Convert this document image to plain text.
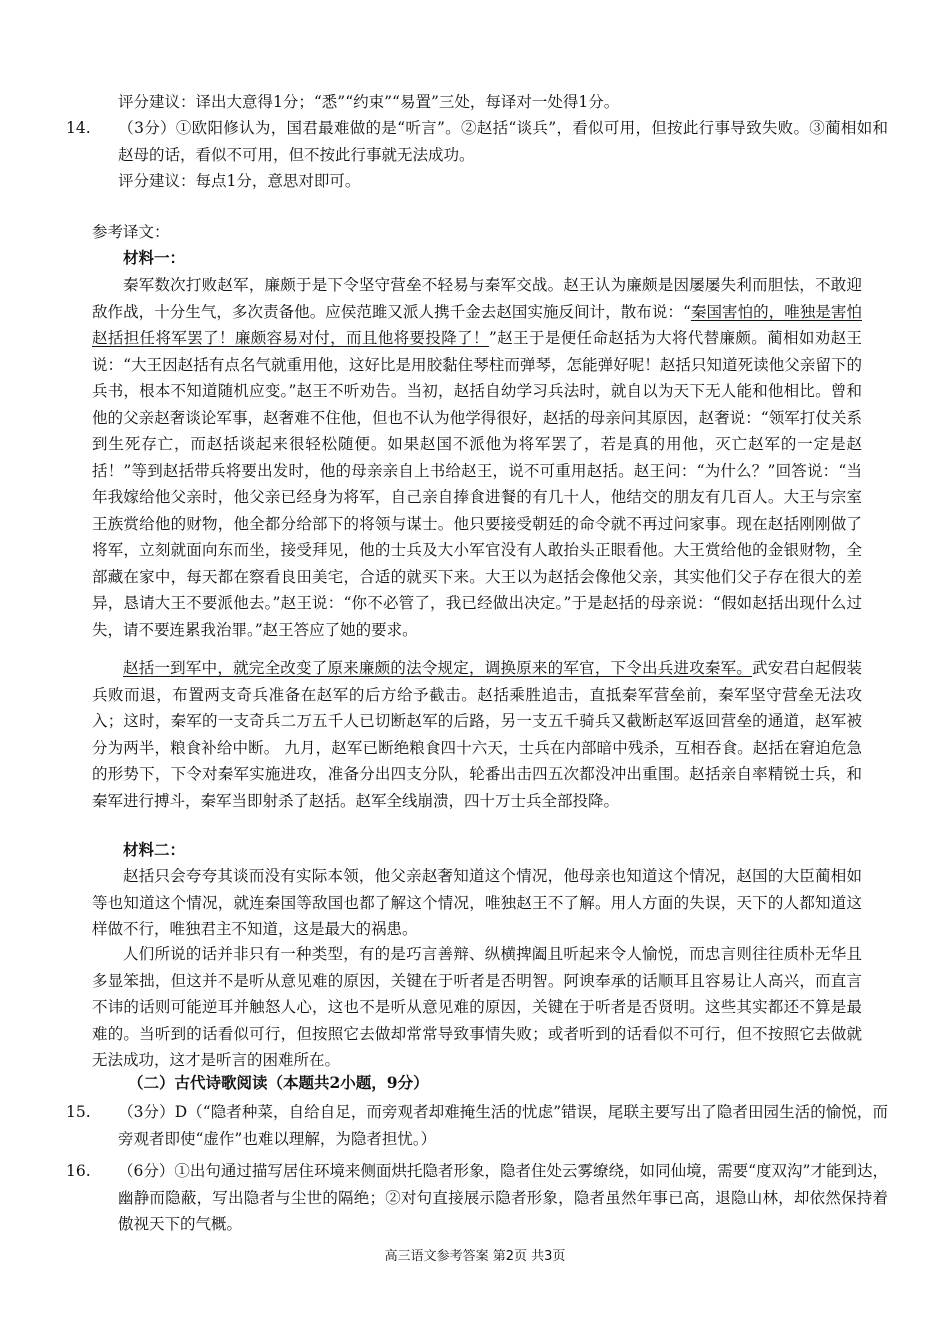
评分建议：译出大意得1分；“悉”“约束”“易置”三处，每译对一处得1分。

14. （3分）①欧阳修认为，国君最难做的是“听言”。②赵括“谈兵”，看似可用，但按此行事导致失败。③蔺相如和赵母的话，看似不可用，但不按此行事就无法成功。

评分建议：每点1分，意思对即可。

参考译文：

材料一：

秦军数次打败赵军，廉颇于是下令坚守营垒不轻易与秦军交战。赵王认为廉颇是因屡屡失利而胆怯，不敢迎敌作战，十分生气，多次责备他。应侯范雎又派人携千金去赵国实施反间计，散布说：“秦国害怕的，唯独是害怕赵括担任将军罢了！廉颇容易对付，而且他将要投降了！”赵王于是便任命赵括为大将代替廉颇。蔺相如劝赵王说：“大王因赵括有点名气就重用他，这好比是用胶黏住琴柱而弹琴，怎能弹好呢！赵括只知道死读他父亲留下的兵书，根本不知道随机应变。”赵王不听劝告。当初，赵括自幼学习兵法时，就自以为天下无人能和他相比。曾和他的父亲赵奢谈论军事，赵奢难不住他，但也不认为他学得很好，赵括的母亲问其原因，赵奢说：“领军打仗关系到生死存亡，而赵括谈起来很轻松随便。如果赵国不派他为将军罢了，若是真的用他，灭亡赵军的一定是赵括！”等到赵括带兵将要出发时，他的母亲亲自上书给赵王，说不可重用赵括。赵王问：“为什么？”回答说：“当年我嫁给他父亲时，他父亲已经身为将军，自己亲自捧食进餐的有几十人，他结交的朋友有几百人。大王与宗室王族赏给他的财物，他全都分给部下的将领与谋士。他只要接受朝廷的命令就不再过问家事。现在赵括刚刚做了将军，立刻就面向东而坐，接受拜见，他的士兵及大小军官没有人敢抬头正眼看他。大王赏给他的金银财物，全部藏在家中，每天都在察看良田美宅，合适的就买下来。大王以为赵括会像他父亲，其实他们父子存在很大的差异，恳请大王不要派他去。”赵王说：“你不必管了，我已经做出决定。”于是赵括的母亲说：“假如赵括出现什么过失，请不要连累我治罪。”赵王答应了她的要求。

赵括一到军中，就完全改变了原来廉颇的法令规定，调换原来的军官，下令出兵进攻秦军。武安君白起假装兵败而退，布置两支奇兵准备在赵军的后方给予截击。赵括乘胜追击，直抵秦军营垒前，秦军坚守营垒无法攻入；这时，秦军的一支奇兵二万五千人已切断赵军的后路，另一支五千骑兵又截断赵军返回营垒的通道，赵军被分为两半，粮食补给中断。 九月，赵军已断绝粮食四十六天，士兵在内部暗中残杀，互相吞食。赵括在窘迫危急的形势下，下令对秦军实施进攻，准备分出四支分队，轮番出击四五次都没冲出重围。赵括亲自率精锐士兵，和秦军进行搏斗，秦军当即射杀了赵括。赵军全线崩溃，四十万士兵全部投降。

材料二：

赵括只会夸夸其谈而没有实际本领，他父亲赵奢知道这个情况，他母亲也知道这个情况，赵国的大臣蔺相如等也知道这个情况，就连秦国等敌国也都了解这个情况，唯独赵王不了解。用人方面的失误，天下的人都知道这样做不行，唯独君主不知道，这是最大的祸患。

人们所说的话并非只有一种类型，有的是巧言善辩、纵横捭阖且听起来令人愉悦，而忠言则往往质朴无华且多显笨拙，但这并不是听从意见难的原因，关键在于听者是否明智。阿谀奉承的话顺耳且容易让人高兴，而直言不讳的话则可能逆耳并触怒人心，这也不是听从意见难的原因，关键在于听者是否贤明。这些其实都还不算是最难的。当听到的话看似可行，但按照它去做却常常导致事情失败；或者听到的话看似不可行，但不按照它去做就无法成功，这才是听言的困难所在。

（二）古代诗歌阅读（本题共2小题，9分）

15. （3分）D（“隐者种菜，自给自足，而旁观者却难掩生活的忧虑”错误，尾联主要写出了隐者田园生活的愉悦，而旁观者即使“虚作”也难以理解，为隐者担忧。）

16. （6分）①出句通过描写居住环境来侧面烘托隐者形象，隐者住处云雾缭绕，如同仙境，需要“度双沟”才能到达，幽静而隐蔽，写出隐者与尘世的隔绝；②对句直接展示隐者形象，隐者虽然年事已高，退隐山林，却依然保持着傲视天下的气概。

高三语文参考答案 第2页 共3页
